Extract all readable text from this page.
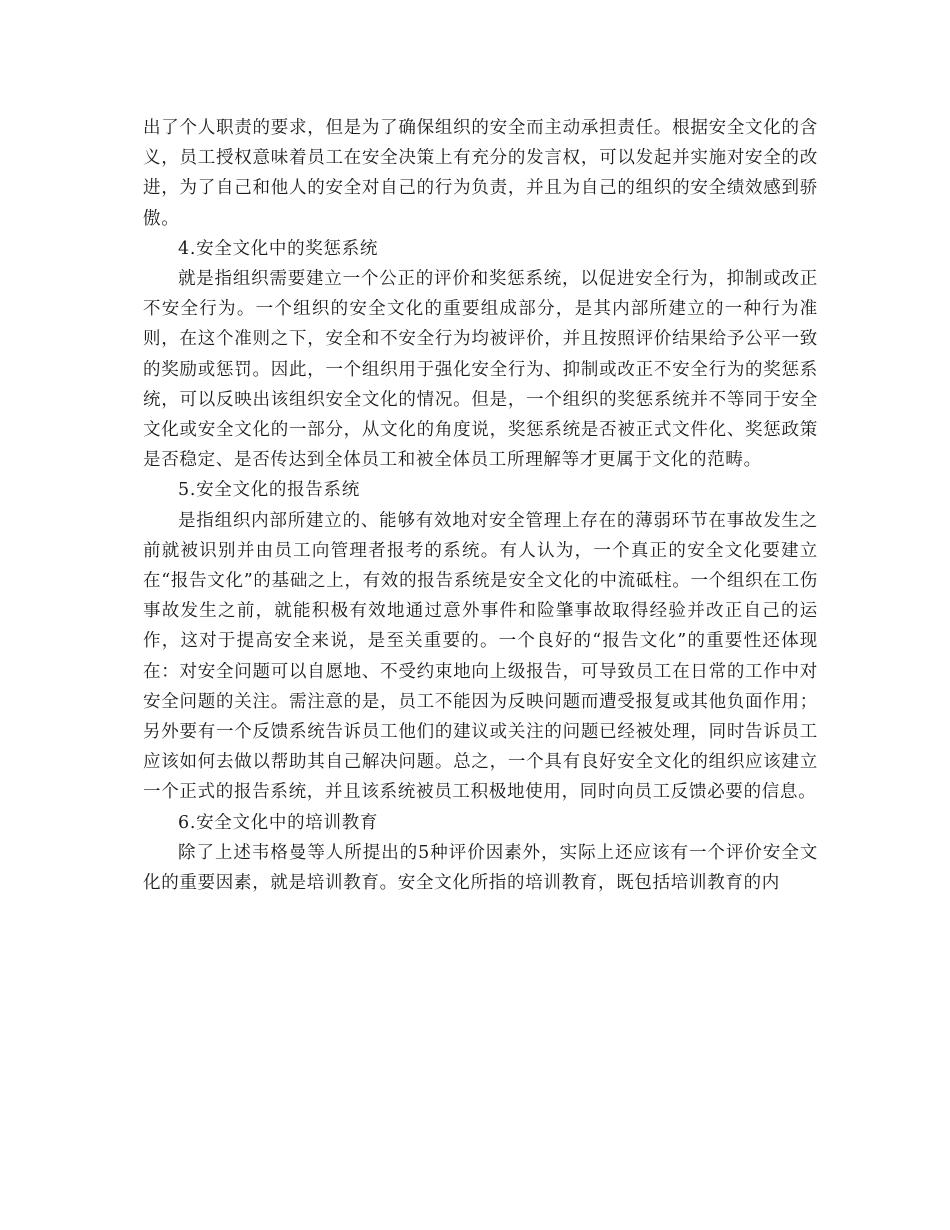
出了个人职责的要求，但是为了确保组织的安全而主动承担责任。根据安全文化的含义，员工授权意味着员工在安全决策上有充分的发言权，可以发起并实施对安全的改进，为了自己和他人的安全对自己的行为负责，并且为自己的组织的安全绩效感到骄傲。

4.安全文化中的奖惩系统

就是指组织需要建立一个公正的评价和奖惩系统，以促进安全行为，抑制或改正不安全行为。一个组织的安全文化的重要组成部分，是其内部所建立的一种行为准则，在这个准则之下，安全和不安全行为均被评价，并且按照评价结果给予公平一致的奖励或惩罚。因此，一个组织用于强化安全行为、抑制或改正不安全行为的奖惩系统，可以反映出该组织安全文化的情况。但是，一个组织的奖惩系统并不等同于安全文化或安全文化的一部分，从文化的角度说，奖惩系统是否被正式文件化、奖惩政策是否稳定、是否传达到全体员工和被全体员工所理解等才更属于文化的范畴。

5.安全文化的报告系统

是指组织内部所建立的、能够有效地对安全管理上存在的薄弱环节在事故发生之前就被识别并由员工向管理者报考的系统。有人认为，一个真正的安全文化要建立在“报告文化”的基础之上，有效的报告系统是安全文化的中流砥柱。一个组织在工伤事故发生之前，就能积极有效地通过意外事件和险肇事故取得经验并改正自己的运作，这对于提高安全来说，是至关重要的。一个良好的“报告文化”的重要性还体现在：对安全问题可以自愿地、不受约束地向上级报告，可导致员工在日常的工作中对安全问题的关注。需注意的是，员工不能因为反映问题而遭受报复或其他负面作用；另外要有一个反馈系统告诉员工他们的建议或关注的问题已经被处理，同时告诉员工应该如何去做以帮助其自己解决问题。总之，一个具有良好安全文化的组织应该建立一个正式的报告系统，并且该系统被员工积极地使用，同时向员工反馈必要的信息。

6.安全文化中的培训教育

除了上述韦格曼等人所提出的5种评价因素外，实际上还应该有一个评价安全文化的重要因素，就是培训教育。安全文化所指的培训教育，既包括培训教育的内
